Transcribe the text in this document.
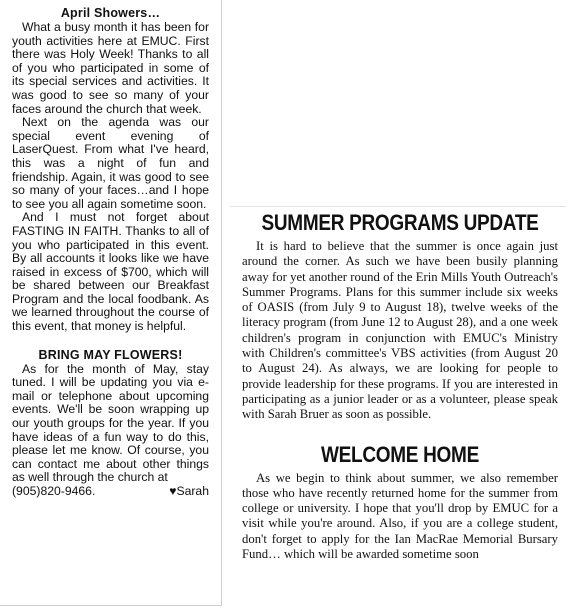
April Showers…

What a busy month it has been for youth activities here at EMUC. First there was Holy Week! Thanks to all of you who participated in some of its special services and activities. It was good to see so many of your faces around the church that week.

Next on the agenda was our special event evening of LaserQuest. From what I've heard, this was a night of fun and friendship. Again, it was good to see so many of your faces…and I hope to see you all again sometime soon.

And I must not forget about FASTING IN FAITH. Thanks to all of you who participated in this event. By all accounts it looks like we have raised in excess of $700, which will be shared between our Breakfast Program and the local foodbank. As we learned throughout the course of this event, that money is helpful.

BRING MAY FLOWERS!

As for the month of May, stay tuned. I will be updating you via e-mail or telephone about upcoming events. We'll be soon wrapping up our youth groups for the year. If you have ideas of a fun way to do this, please let me know. Of course, you can contact me about other things as well through the church at

(905)820-9466.	♥Sarah
SUMMER PROGRAMS UPDATE

It is hard to believe that the summer is once again just around the corner. As such we have been busily planning away for yet another round of the Erin Mills Youth Outreach's Summer Programs. Plans for this summer include six weeks of OASIS (from July 9 to August 18), twelve weeks of the literacy program (from June 12 to August 28), and a one week children's program in conjunction with EMUC's Ministry with Children's committee's VBS activities (from August 20 to August 24). As always, we are looking for people to provide leadership for these programs. If you are interested in participating as a junior leader or as a volunteer, please speak with Sarah Bruer as soon as possible.

WELCOME HOME

As we begin to think about summer, we also remember those who have recently returned home for the summer from college or university. I hope that you'll drop by EMUC for a visit while you're around. Also, if you are a college student, don't forget to apply for the Ian MacRae Memorial Bursary Fund… which will be awarded sometime soon
